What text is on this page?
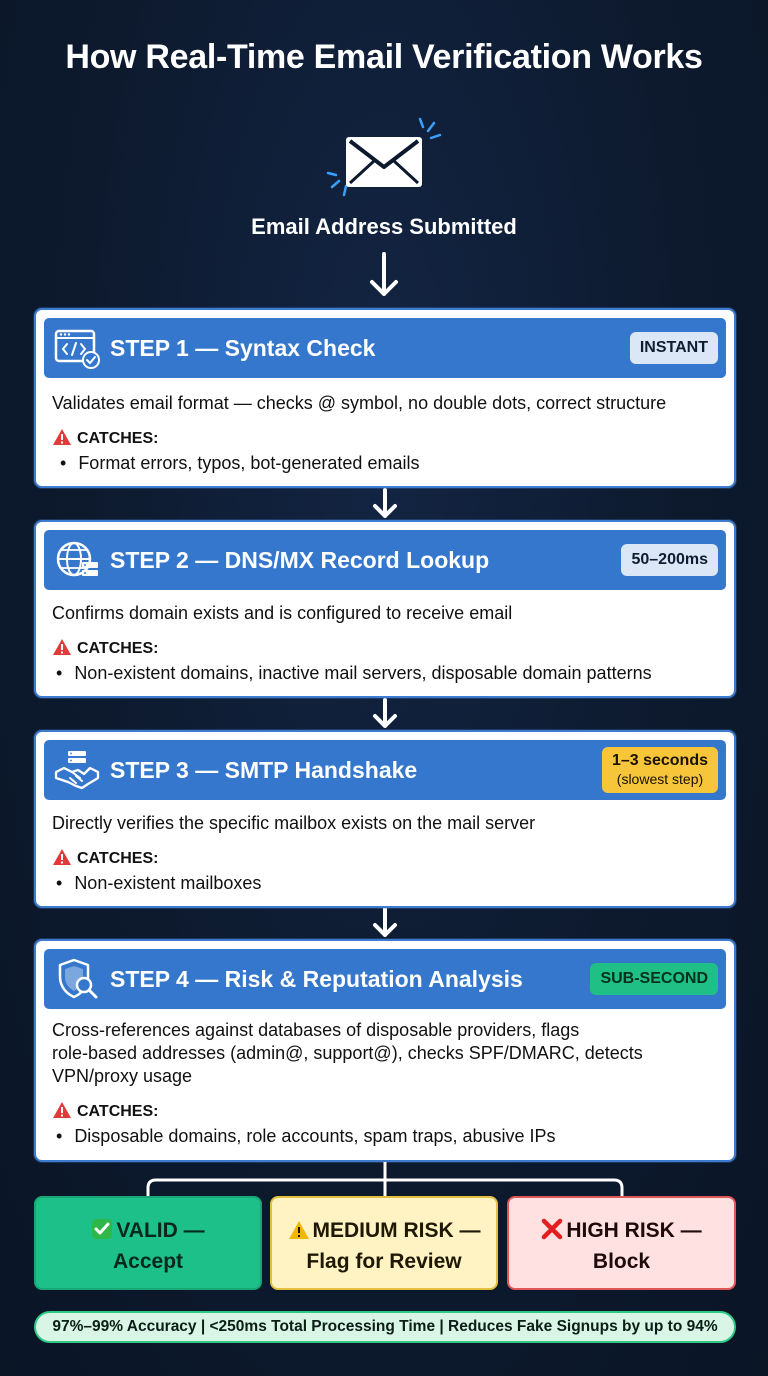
How Real-Time Email Verification Works
Email Address Submitted
STEP 1 — Syntax Check	INSTANT
Validates email format — checks @ symbol, no double dots, correct structure
CATCHES:
• Format errors, typos, bot-generated emails
STEP 2 — DNS/MX Record Lookup	50–200ms
Confirms domain exists and is configured to receive email
CATCHES:
• Non-existent domains, inactive mail servers, disposable domain patterns
STEP 3 — SMTP Handshake	1–3 seconds
(slowest step)
Directly verifies the specific mailbox exists on the mail server
CATCHES:
• Non-existent mailboxes
STEP 4 — Risk & Reputation Analysis	SUB-SECOND
Cross-references against databases of disposable providers, flags
role-based addresses (admin@, support@), checks SPF/DMARC, detects
VPN/proxy usage
CATCHES:
• Disposable domains, role accounts, spam traps, abusive IPs
VALID —
Accept
MEDIUM RISK —
Flag for Review
HIGH RISK —
Block
97%–99% Accuracy | <250ms Total Processing Time | Reduces Fake Signups by up to 94%
